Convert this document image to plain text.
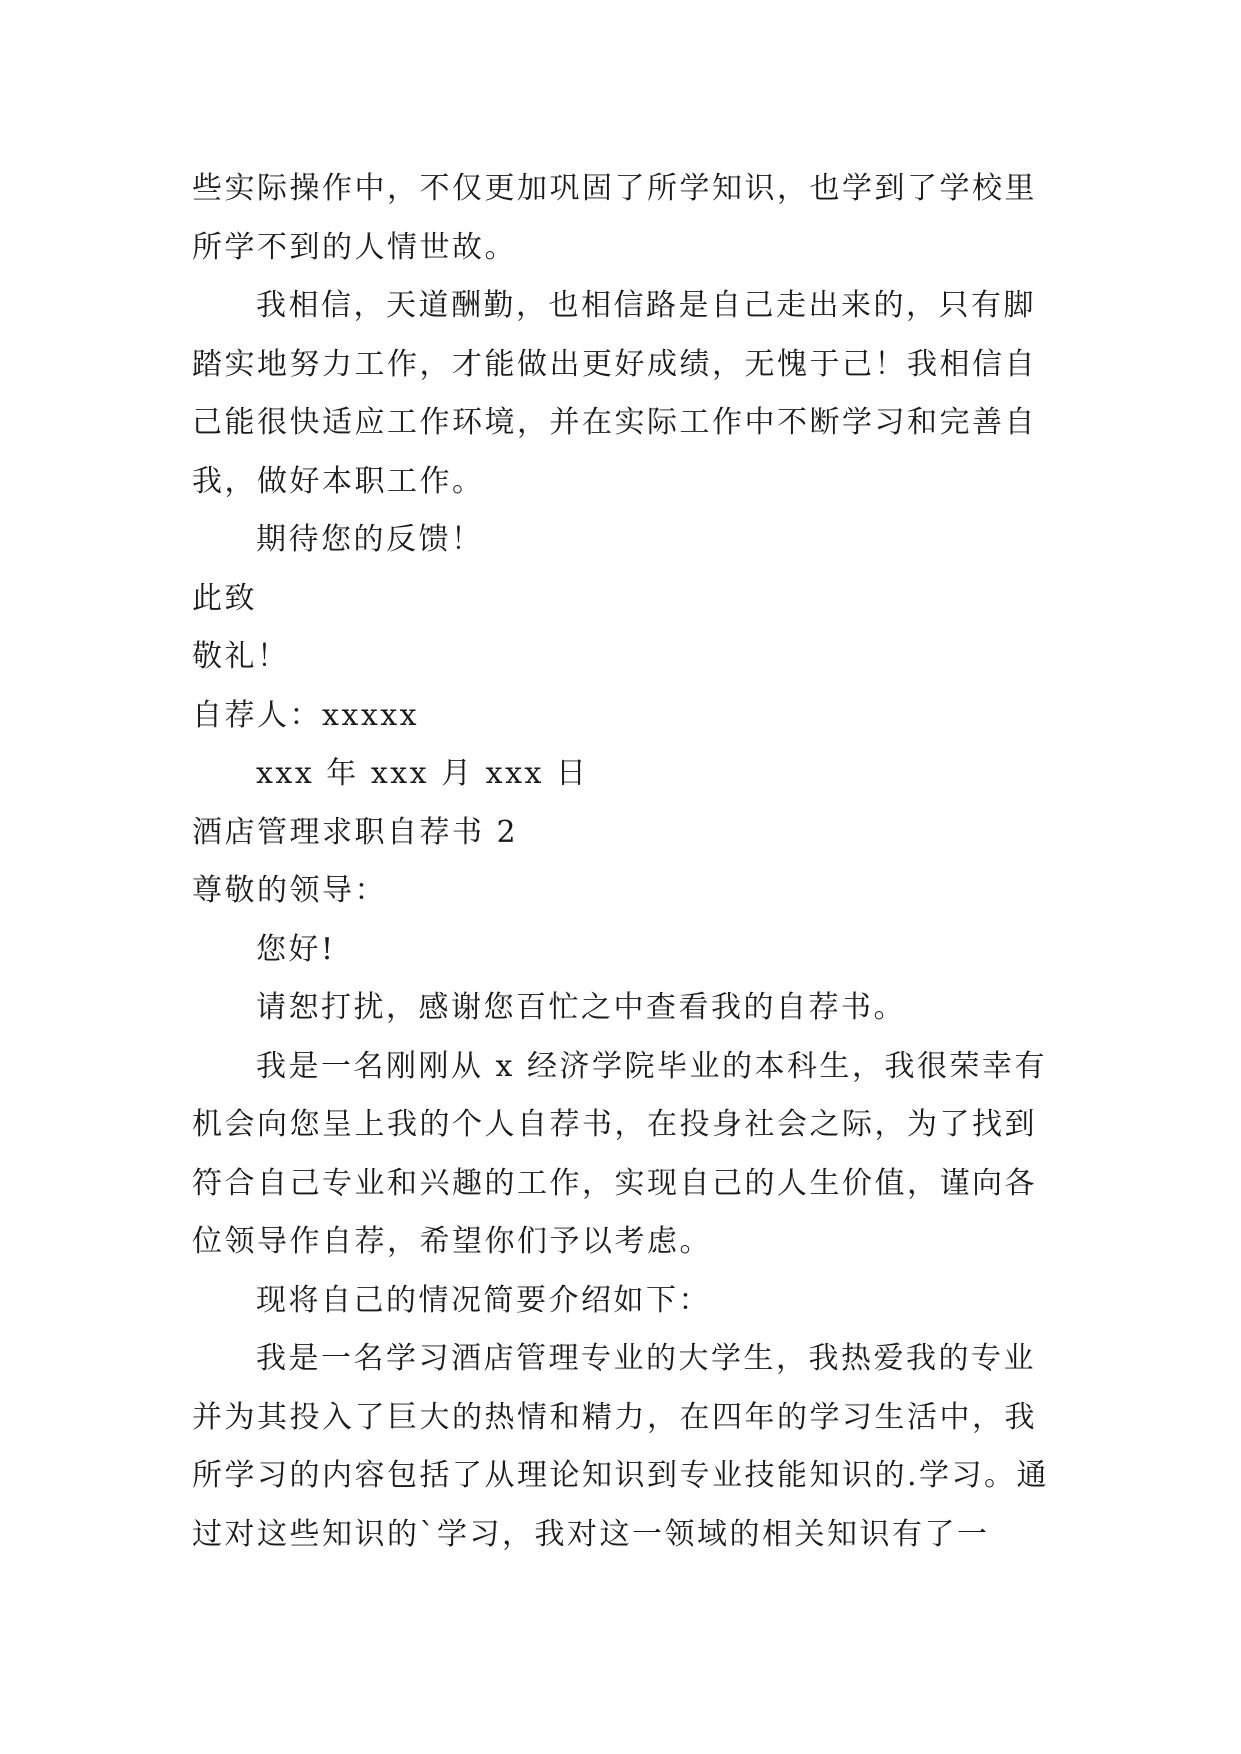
些实际操作中，不仅更加巩固了所学知识，也学到了学校里所学不到的人情世故。

我相信，天道酬勤，也相信路是自己走出来的，只有脚踏实地努力工作，才能做出更好成绩，无愧于己！我相信自己能很快适应工作环境，并在实际工作中不断学习和完善自我，做好本职工作。

期待您的反馈！

此致

敬礼！

自荐人：xxxxx

xxx 年 xxx 月 xxx 日

酒店管理求职自荐书 2

尊敬的领导：

您好!

请恕打扰，感谢您百忙之中查看我的自荐书。

我是一名刚刚从 x 经济学院毕业的本科生，我很荣幸有机会向您呈上我的个人自荐书，在投身社会之际，为了找到符合自己专业和兴趣的工作，实现自己的人生价值，谨向各位领导作自荐，希望你们予以考虑。

现将自己的情况简要介绍如下：

我是一名学习酒店管理专业的大学生，我热爱我的专业并为其投入了巨大的热情和精力，在四年的学习生活中，我所学习的内容包括了从理论知识到专业技能知识的.学习。通过对这些知识的`学习，我对这一领域的相关知识有了一
